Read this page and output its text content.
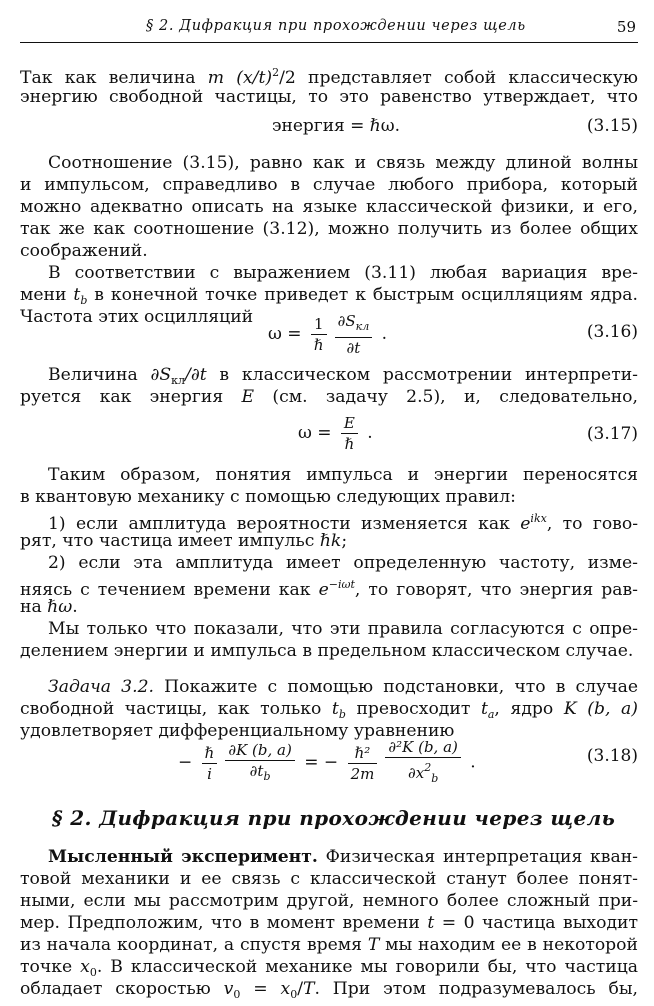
§ 2. Дифракция при прохождении через щель	59
Так как величина m $(x/t)^2/2$ представляет собой классическую
энергию свободной частицы, то это равенство утверждает, что
энергия = ℏω.	(3.15)
Соотношение (3.15), равно как и связь между длиной волны
и импульсом, справедливо в случае любого прибора, который
можно адекватно описать на языке классической физики, и его,
так же как соотношение (3.12), можно получить из более общих
соображений.
В соответствии с выражением (3.11) любая вариация вре-
мени $t_b$ в конечной точке приведет к быстрым осцилляциям ядра.
Частота этих осцилляций
$\omega = \frac{1}{\text{ℏ}} \frac{\partial S_{кл}}{\partial t}$ .	(3.16)
Величина $\partial S_{кл}/\partial t$ в классическом рассмотрении интерпрети-
руется как энергия E (см. задачу 2.5), и, следовательно,
$\omega = \frac{E}{\text{ℏ}}$ .	(3.17)
Таким образом, понятия импульса и энергии переносятся
в квантовую механику с помощью следующих правил:
1) если амплитуда вероятности изменяется как $e^{ikx}$, то гово-
рят, что частица имеет импульс ℏk;
2) если эта амплитуда имеет определенную частоту, изме-
няясь с течением времени как $e^{-i\omega t}$, то говорят, что энергия рав-
на ℏω.
Мы только что показали, что эти правила согласуются с опре-
делением энергии и импульса в предельном классическом случае.
Задача 3.2. Покажите с помощью подстановки, что в случае
свободной частицы, как только $t_b$ превосходит $t_a$, ядро K (b, a)
удовлетворяет дифференциальному уравнению
− $\frac{\text{ℏ}}{i} \frac{\partial K (b, a)}{\partial t_b}$ = − $\frac{\text{ℏ²}}{2m} \frac{\text{∂²K (b, a)}}{\partial x^2_b}$ .	(3.18)
§ 2. Дифракция при прохождении через щель
Мысленный эксперимент. Физическая интерпретация кван-
товой механики и ее связь с классической станут более понят-
ными, если мы рассмотрим другой, немного более сложный при-
мер. Предположим, что в момент времени t = 0 частица выходит
из начала координат, а спустя время T мы находим ее в некоторой
точке $x_0$. В классической механике мы говорили бы, что частица
обладает скоростью $v_0 = x_0/T$. При этом подразумевалось бы,
